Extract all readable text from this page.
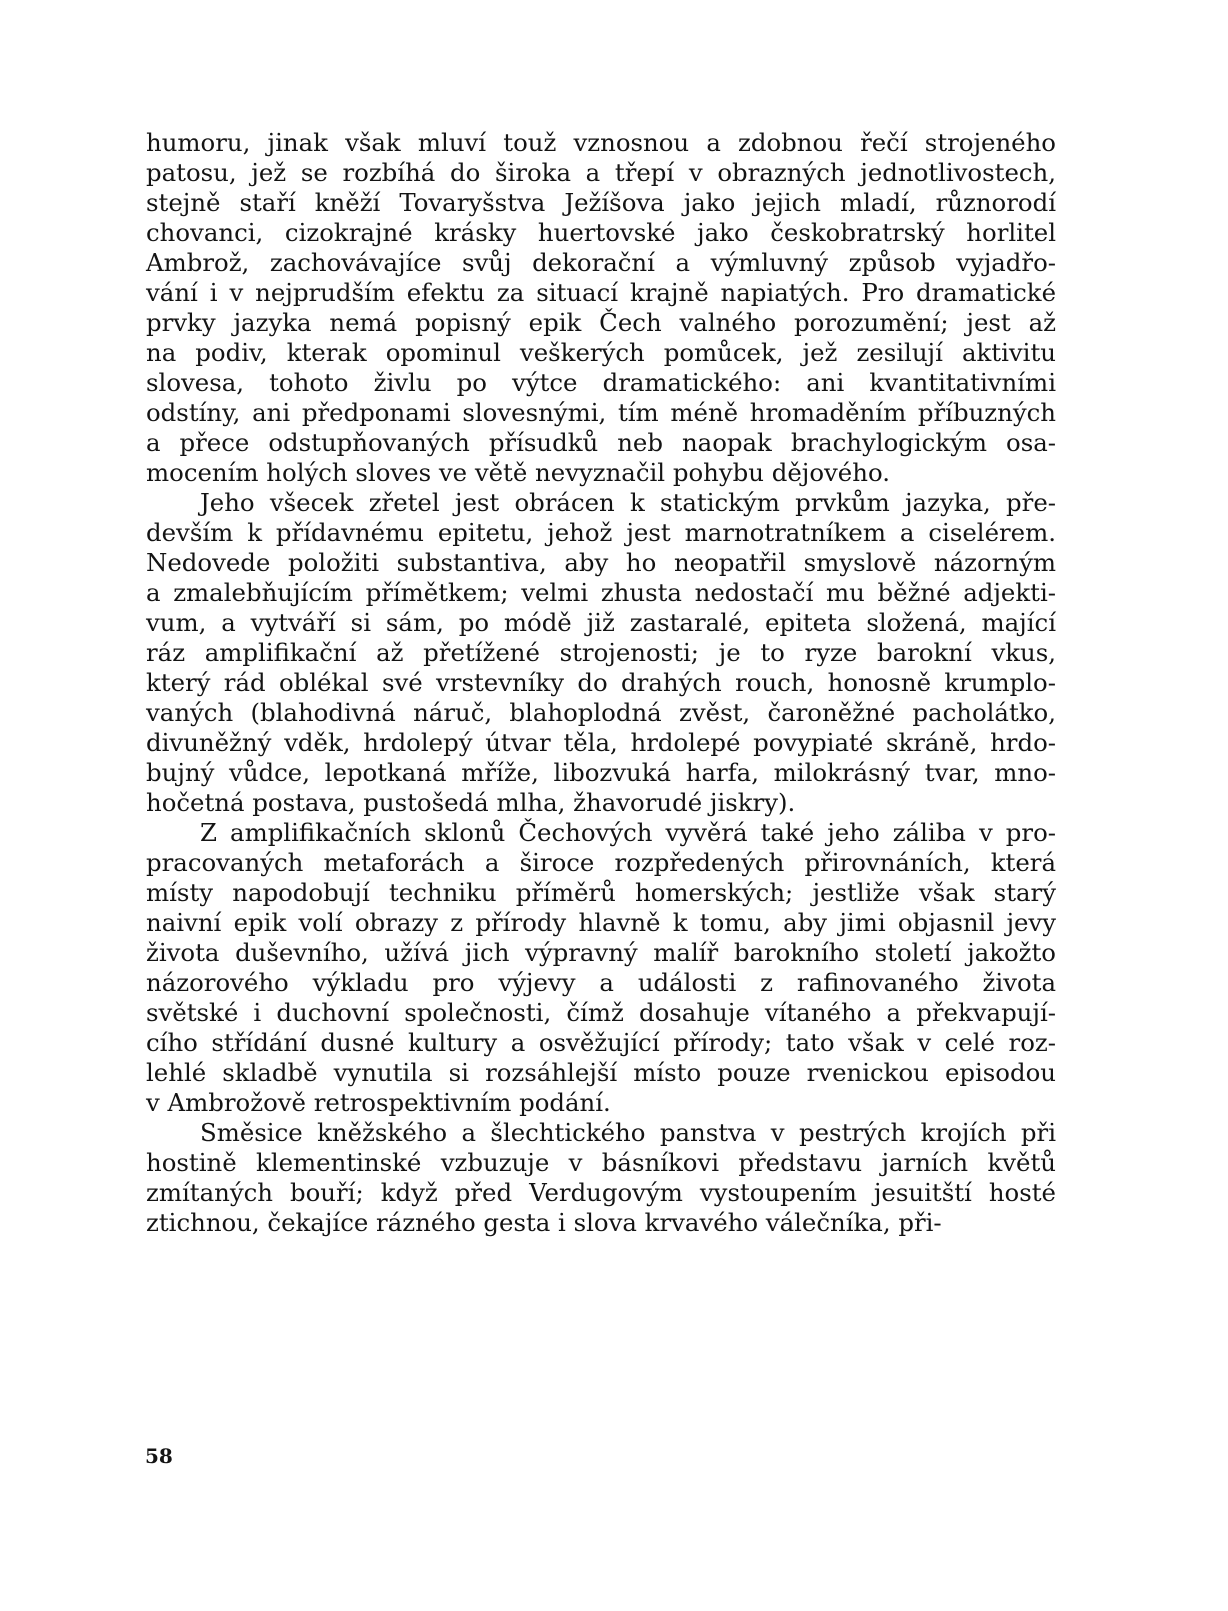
humoru, jinak však mluví touž vznosnou a zdobnou řečí strojeného
patosu, jež se rozbíhá do široka a třepí v obrazných jednotlivostech,
stejně staří kněží Tovaryšstva Ježíšova jako jejich mladí, různorodí
chovanci, cizokrajné krásky huertovské jako českobratrský horlitel
Ambrož, zachovávajíce svůj dekorační a výmluvný způsob vyjadřo-
vání i v nejprudším efektu za situací krajně napiatých. Pro dramatické
prvky jazyka nemá popisný epik Čech valného porozumění; jest až
na podiv, kterak opominul veškerých pomůcek, jež zesilují aktivitu
slovesa, tohoto živlu po výtce dramatického: ani kvantitativními
odstíny, ani předponami slovesnými, tím méně hromaděním příbuzných
a přece odstupňovaných přísudků neb naopak brachylogickým osa-
mocením holých sloves ve větě nevyznačil pohybu dějového.
Jeho všecek zřetel jest obrácen k statickým prvkům jazyka, pře-
devším k přídavnému epitetu, jehož jest marnotratníkem a ciselérem.
Nedovede položiti substantiva, aby ho neopatřil smyslově názorným
a zmalebňujícím přímětkem; velmi zhusta nedostačí mu běžné adjekti-
vum, a vytváří si sám, po módě již zastaralé, epiteta složená, mající
ráz amplifikační až přetížené strojenosti; je to ryze barokní vkus,
který rád oblékal své vrstevníky do drahých rouch, honosně krumplo-
vaných (blahodivná náruč, blahoplodná zvěst, čaroněžné pacholátko,
divuněžný vděk, hrdolepý útvar těla, hrdolepé povypiaté skráně, hrdo-
bujný vůdce, lepotkaná mříže, libozvuká harfa, milokrásný tvar, mno-
hočetná postava, pustošedá mlha, žhavorudé jiskry).
Z amplifikačních sklonů Čechových vyvěrá také jeho záliba v pro-
pracovaných metaforách a široce rozpředených přirovnáních, která
místy napodobují techniku příměrů homerských; jestliže však starý
naivní epik volí obrazy z přírody hlavně k tomu, aby jimi objasnil jevy
života duševního, užívá jich výpravný malíř barokního století jakožto
názorového výkladu pro výjevy a události z rafinovaného života
světské i duchovní společnosti, čímž dosahuje vítaného a překvapují-
cího střídání dusné kultury a osvěžující přírody; tato však v celé roz-
lehlé skladbě vynutila si rozsáhlejší místo pouze rvenickou episodou
v Ambrožově retrospektivním podání.
Směsice kněžského a šlechtického panstva v pestrých krojích při
hostině klementinské vzbuzuje v básníkovi představu jarních květů
zmítaných bouří; když před Verdugovým vystoupením jesuitští hosté
ztichnou, čekajíce rázného gesta i slova krvavého válečníka, při-
58
